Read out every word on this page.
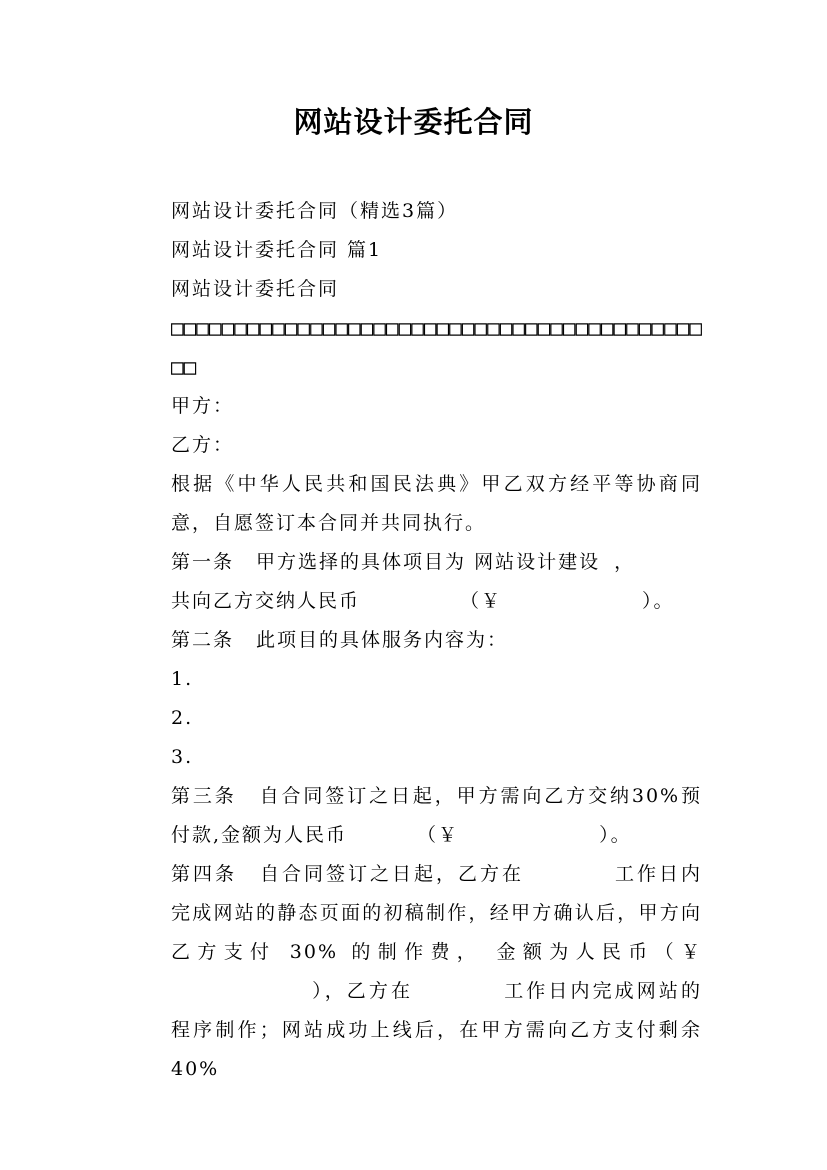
网站设计委托合同

网站设计委托合同（精选3篇）

网站设计委托合同 篇1

网站设计委托合同

□□□□□□□□□□□□□□□□□□□□□□□□□□□□□□□□□□□□□□□□□□□□

甲方：

乙方：

根据《中华人民共和国民法典》甲乙双方经平等协商同意，自愿签订本合同并共同执行。

第一条 甲方选择的具体项目为 网站设计建设 ，

共向乙方交纳人民币	（￥	）。

第二条 此项目的具体服务内容为：

1.

2.

3.

第三条 自合同签订之日起，甲方需向乙方交纳30%预付款,金额为人民币	（￥	）。

第四条 自合同签订之日起，乙方在	工作日内完成网站的静态页面的初稿制作，经甲方确认后，甲方向乙方支付 30% 的制作费， 金额为人民币（￥），乙方在	工作日内完成网站的程序制作；网站成功上线后，在甲方需向乙方支付剩余40%
